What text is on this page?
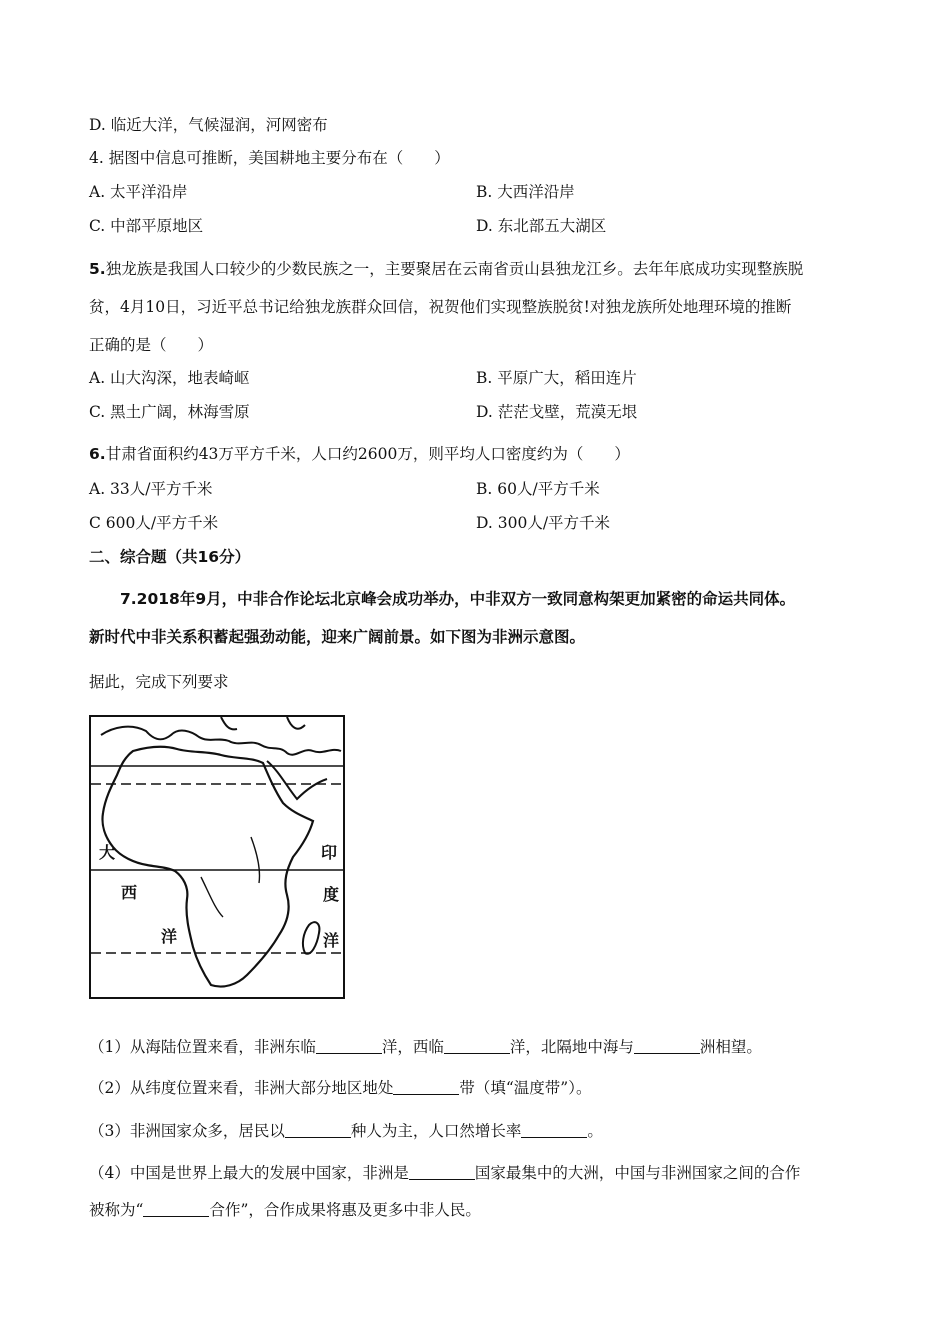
D. 临近大洋，气候湿润，河网密布
4. 据图中信息可推断，美国耕地主要分布在（　　）
A. 太平洋沿岸	B. 大西洋沿岸
C. 中部平原地区	D. 东北部五大湖区
5.独龙族是我国人口较少的少数民族之一，主要聚居在云南省贡山县独龙江乡。去年年底成功实现整族脱
贫，4月10日，习近平总书记给独龙族群众回信，祝贺他们实现整族脱贫!对独龙族所处地理环境的推断
正确的是（　　）
A. 山大沟深，地表崎岖	B. 平原广大，稻田连片
C. 黑土广阔，林海雪原	D. 茫茫戈壁，荒漠无垠
6.甘肃省面积约43万平方千米，人口约2600万，则平均人口密度约为（　　）
A. 33人/平方千米	B. 60人/平方千米
C 600人/平方千米	D. 300人/平方千米
二、综合题（共16分）
7.2018年9月，中非合作论坛北京峰会成功举办，中非双方一致同意构架更加紧密的命运共同体。
新时代中非关系积蓄起强劲动能，迎来广阔前景。如下图为非洲示意图。
据此，完成下列要求
大
西
洋
印
度
洋
（1）从海陆位置来看，非洲东临	洋，西临	洋，北隔地中海与	洲相望。
（2）从纬度位置来看，非洲大部分地区地处	带（填“温度带”）。
（3）非洲国家众多，居民以	种人为主，人口然增长率	。
（4）中国是世界上最大的发展中国家，非洲是	国家最集中的大洲，中国与非洲国家之间的合作
被称为“	合作”，合作成果将惠及更多中非人民。
